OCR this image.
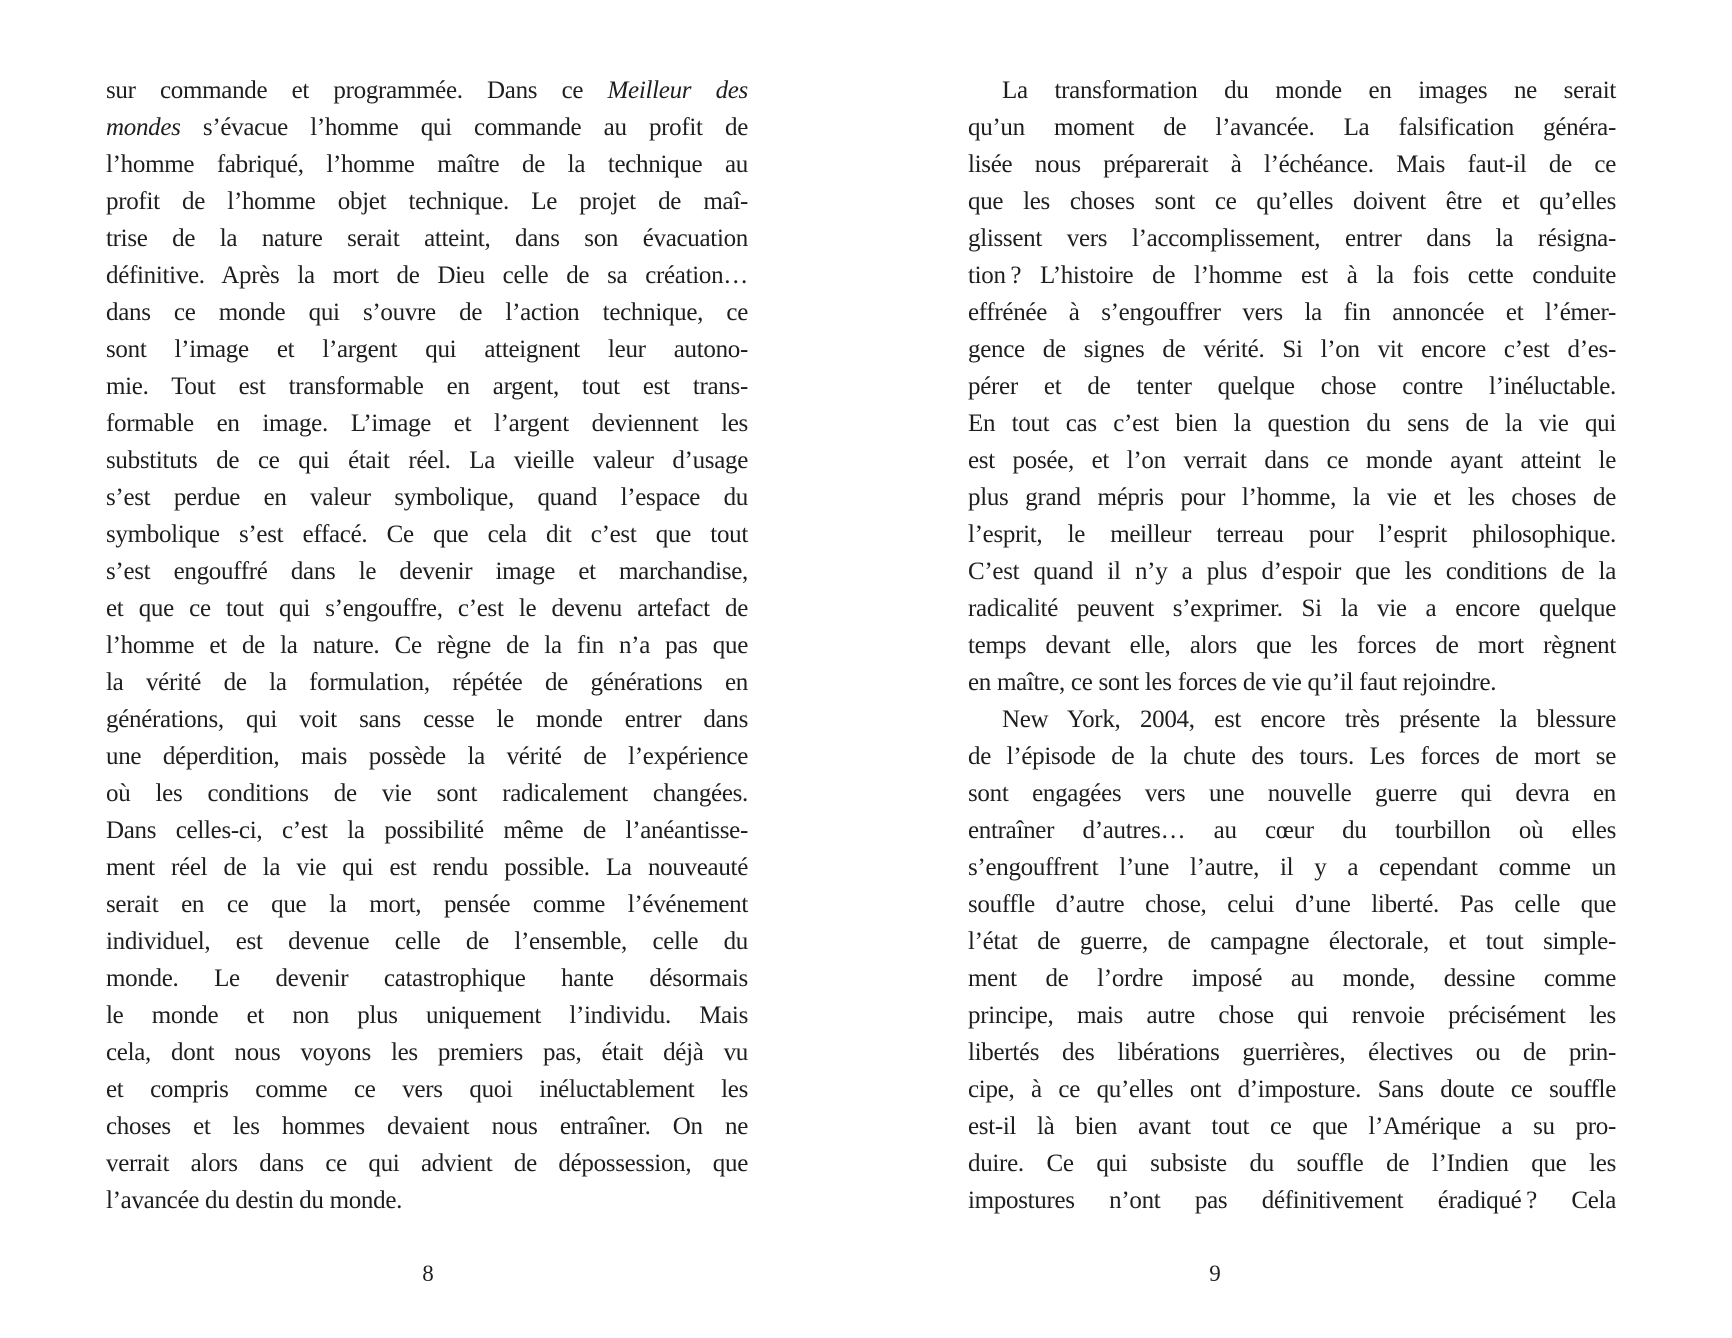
sur commande et programmée. Dans ce Meilleur des
mondes s’évacue l’homme qui commande au profit de
l’homme fabriqué, l’homme maître de la technique au
profit de l’homme objet technique. Le projet de maî-
trise de la nature serait atteint, dans son évacuation
définitive. Après la mort de Dieu celle de sa création…
dans ce monde qui s’ouvre de l’action technique, ce
sont l’image et l’argent qui atteignent leur autono-
mie. Tout est transformable en argent, tout est trans-
formable en image. L’image et l’argent deviennent les
substituts de ce qui était réel. La vieille valeur d’usage
s’est perdue en valeur symbolique, quand l’espace du
symbolique s’est effacé. Ce que cela dit c’est que tout
s’est engouffré dans le devenir image et marchandise,
et que ce tout qui s’engouffre, c’est le devenu artefact de
l’homme et de la nature. Ce règne de la fin n’a pas que
la vérité de la formulation, répétée de générations en
générations, qui voit sans cesse le monde entrer dans
une déperdition, mais possède la vérité de l’expérience
où les conditions de vie sont radicalement changées.
Dans celles-ci, c’est la possibilité même de l’anéantisse-
ment réel de la vie qui est rendu possible. La nouveauté
serait en ce que la mort, pensée comme l’événement
individuel, est devenue celle de l’ensemble, celle du
monde. Le devenir catastrophique hante désormais
le monde et non plus uniquement l’individu. Mais
cela, dont nous voyons les premiers pas, était déjà vu
et compris comme ce vers quoi inéluctablement les
choses et les hommes devaient nous entraîner. On ne
verrait alors dans ce qui advient de dépossession, que
l’avancée du destin du monde.
La transformation du monde en images ne serait
qu’un moment de l’avancée. La falsification généra-
lisée nous préparerait à l’échéance. Mais faut-il de ce
que les choses sont ce qu’elles doivent être et qu’elles
glissent vers l’accomplissement, entrer dans la résigna-
tion ? L’histoire de l’homme est à la fois cette conduite
effrénée à s’engouffrer vers la fin annoncée et l’émer-
gence de signes de vérité. Si l’on vit encore c’est d’es-
pérer et de tenter quelque chose contre l’inéluctable.
En tout cas c’est bien la question du sens de la vie qui
est posée, et l’on verrait dans ce monde ayant atteint le
plus grand mépris pour l’homme, la vie et les choses de
l’esprit, le meilleur terreau pour l’esprit philosophique.
C’est quand il n’y a plus d’espoir que les conditions de la
radicalité peuvent s’exprimer. Si la vie a encore quelque
temps devant elle, alors que les forces de mort règnent
en maître, ce sont les forces de vie qu’il faut rejoindre.
New York, 2004, est encore très présente la blessure
de l’épisode de la chute des tours. Les forces de mort se
sont engagées vers une nouvelle guerre qui devra en
entraîner d’autres… au cœur du tourbillon où elles
s’engouffrent l’une l’autre, il y a cependant comme un
souffle d’autre chose, celui d’une liberté. Pas celle que
l’état de guerre, de campagne électorale, et tout simple-
ment de l’ordre imposé au monde, dessine comme
principe, mais autre chose qui renvoie précisément les
libertés des libérations guerrières, électives ou de prin-
cipe, à ce qu’elles ont d’imposture. Sans doute ce souffle
est-il là bien avant tout ce que l’Amérique a su pro-
duire. Ce qui subsiste du souffle de l’Indien que les
impostures n’ont pas définitivement éradiqué ? Cela
8	9
